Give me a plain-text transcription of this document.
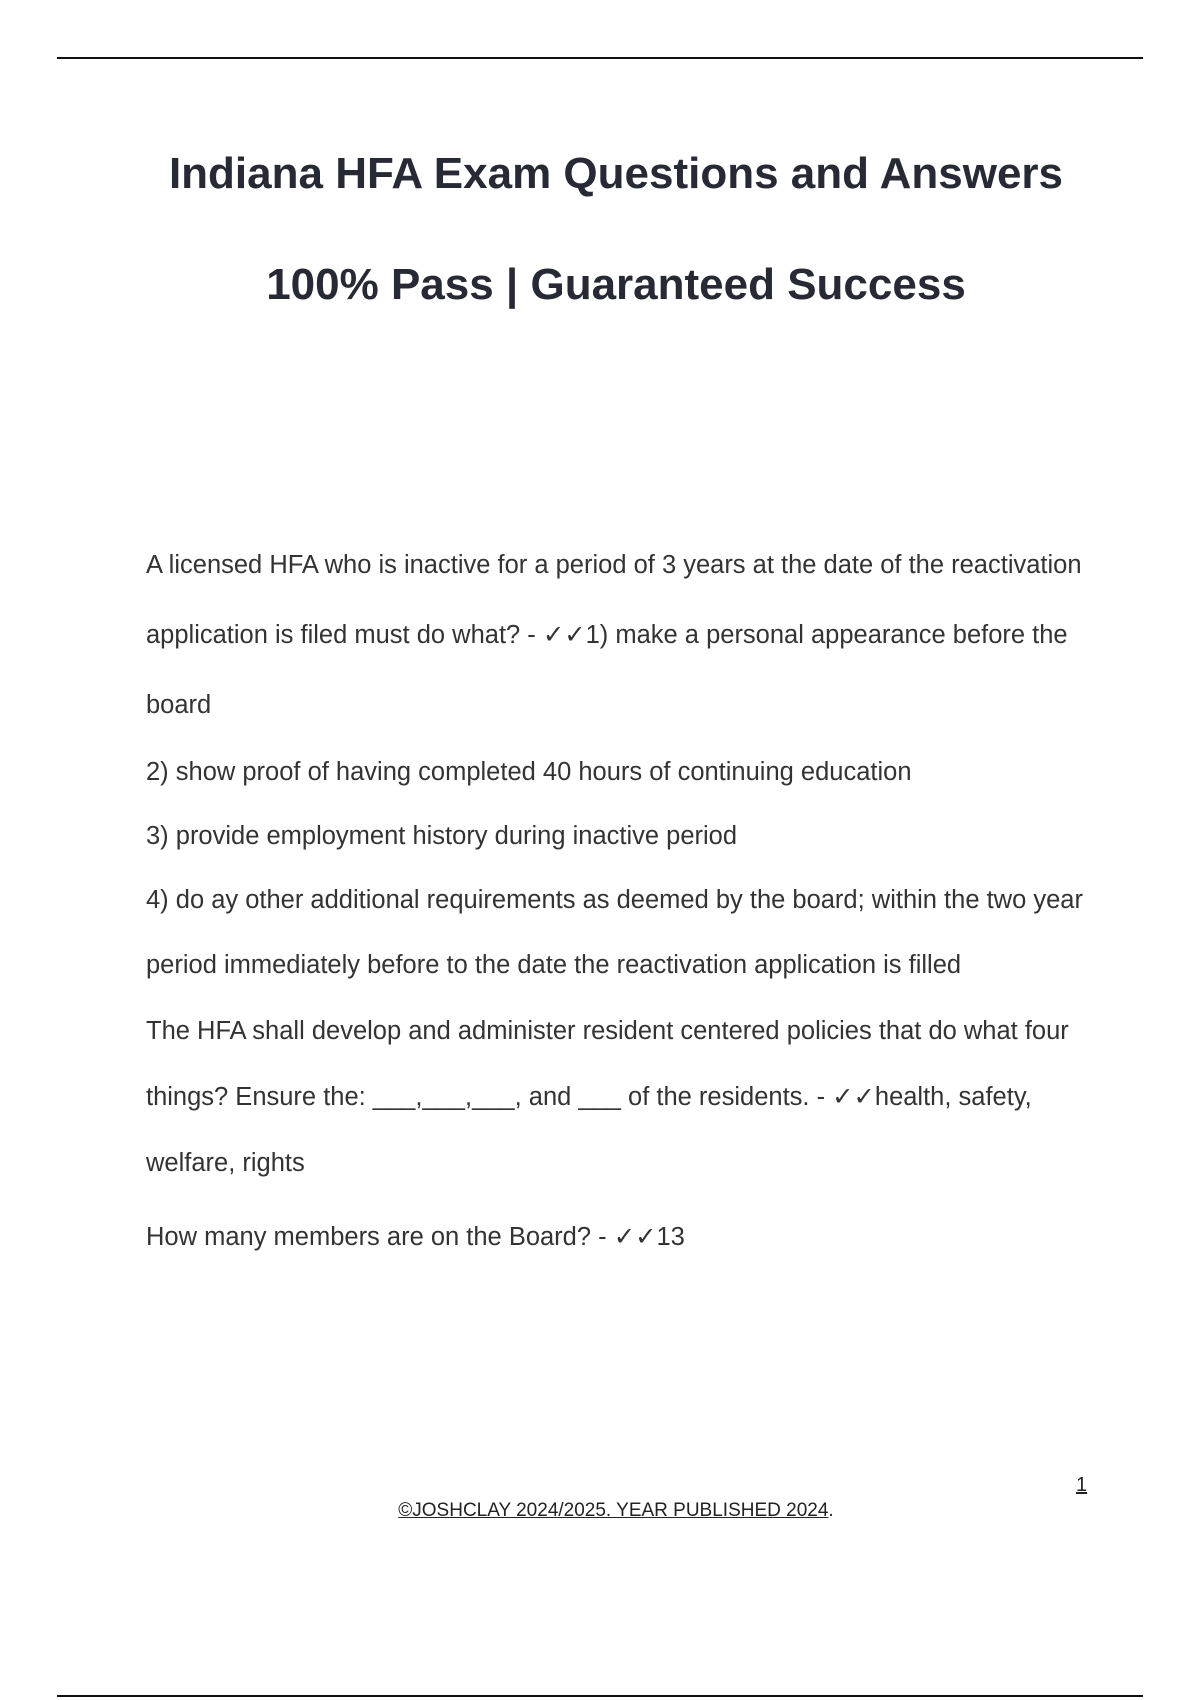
Indiana HFA Exam Questions and Answers 100% Pass | Guaranteed Success
A licensed HFA who is inactive for a period of 3 years at the date of the reactivation application is filed must do what? - ✓✓1) make a personal appearance before the board
2) show proof of having completed 40 hours of continuing education
3) provide employment history during inactive period
4) do ay other additional requirements as deemed by the board; within the two year period immediately before to the date the reactivation application is filled
The HFA shall develop and administer resident centered policies that do what four things? Ensure the: ___,___,___, and ___ of the residents. - ✓✓health, safety, welfare, rights
How many members are on the Board? - ✓✓13
1
©JOSHCLAY 2024/2025. YEAR PUBLISHED 2024.
